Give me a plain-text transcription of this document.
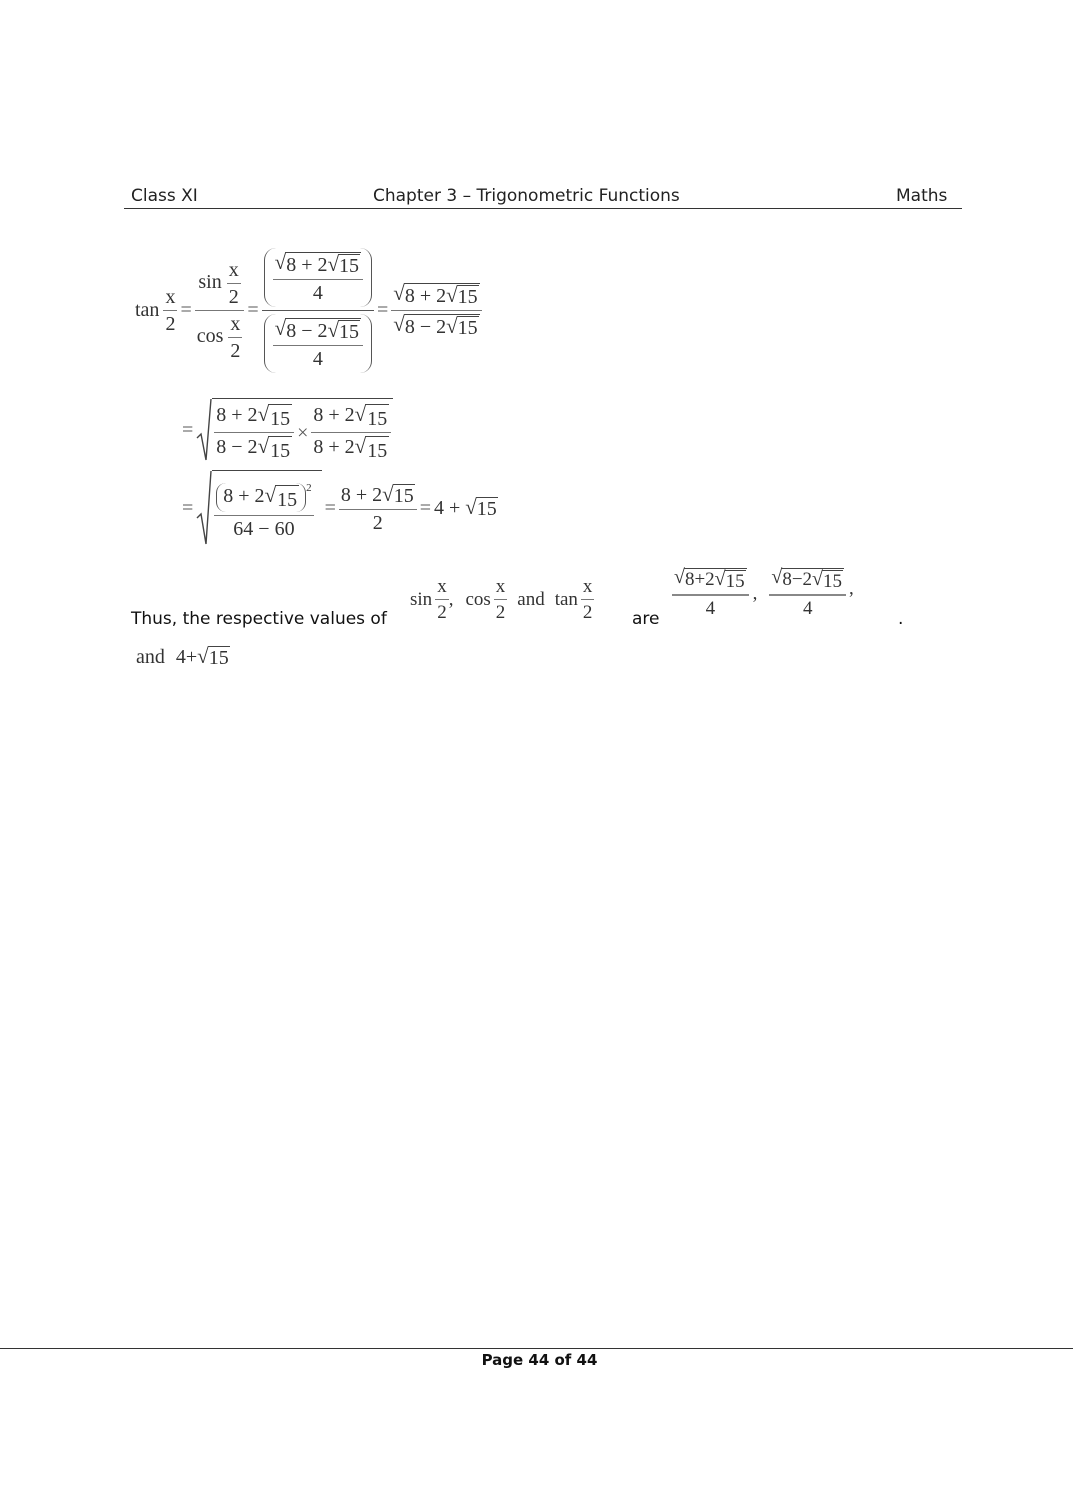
Class XI	Chapter 3 – Trigonometric Functions	Maths
$\tan \frac{x}{2} = \frac{\sin \frac{x}{2}}{\cos \frac{x}{2}} = \frac{\frac{√ 8 + 2 √ 15}{4}}{\frac{√ 8 - 2 √ 15}{4}} = \frac{√ 8 + 2 √ 15}{√ 8 - 2 √ 15}$
= $\frac{8 + 2 √ 15}{8 - 2 √ 15} \times \frac{8 + 2 √ 15}{8 + 2 √ 15}$
= 8 + 2 √ 15
$^2$
$64 - 60 = \frac{8 + 2 √ 15}{2} = 4$ + √ 15
Thus, the respective values of
$\sin \frac{x}{2}$ , $\cos \frac{x}{2}$ and $\tan \frac{x}{2}$ are
$\frac{√ 8+2 √ 15}{4}$ , $\frac{√ 8-2 √ 15}{4}$ ,
.
and 4+ √ 15
Page 44 of 44
